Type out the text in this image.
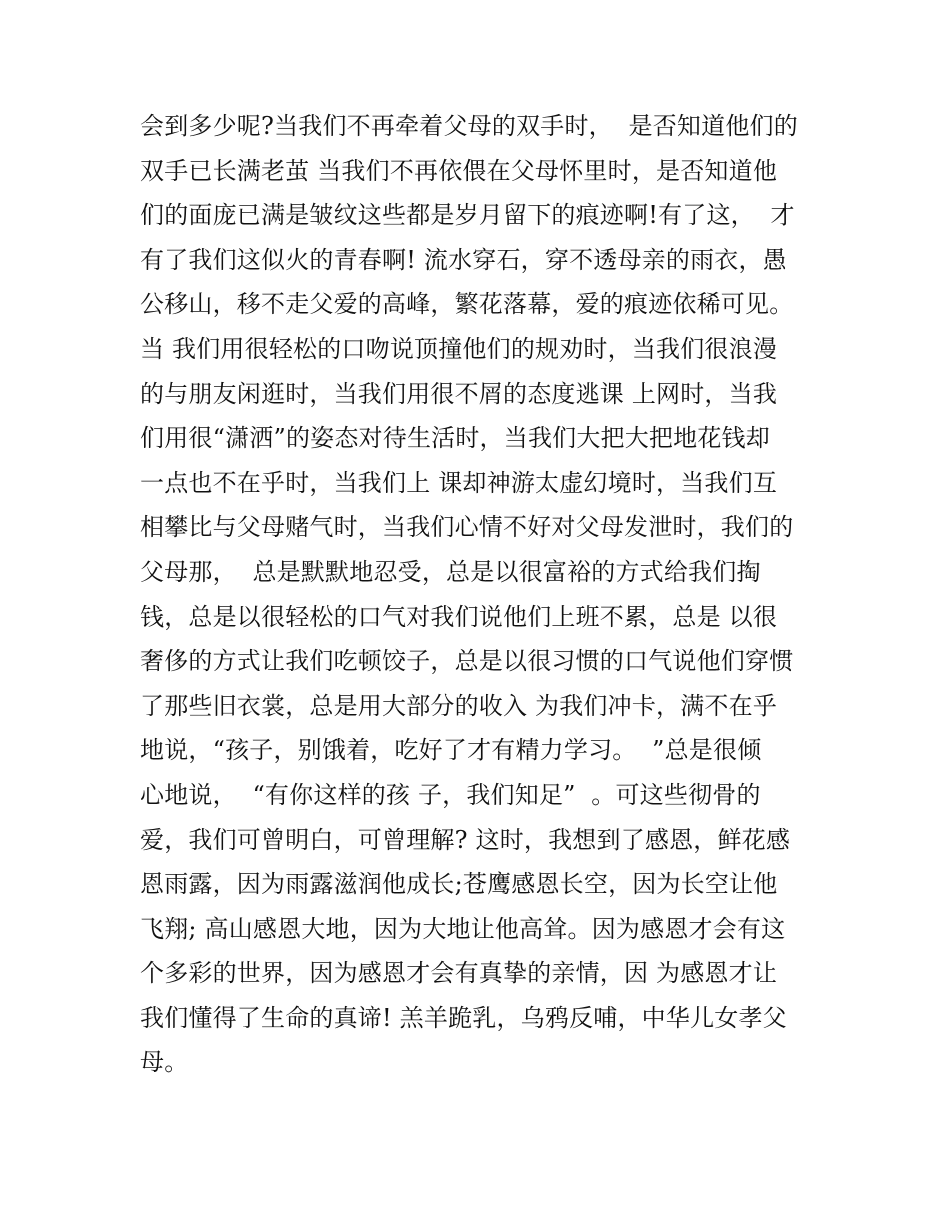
会到多少呢?当我们不再牵着父母的双手时，  是否知道他们的
双手已长满老茧 当我们不再依偎在父母怀里时，是否知道他
们的面庞已满是皱纹这些都是岁月留下的痕迹啊!有了这，  才
有了我们这似火的青春啊! 流水穿石，穿不透母亲的雨衣，愚
公移山，移不走父爱的高峰，繁花落幕，爱的痕迹依稀可见。
当 我们用很轻松的口吻说顶撞他们的规劝时，当我们很浪漫
的与朋友闲逛时，当我们用很不屑的态度逃课 上网时，当我
们用很“潇洒”的姿态对待生活时，当我们大把大把地花钱却
一点也不在乎时，当我们上 课却神游太虚幻境时，当我们互
相攀比与父母赌气时，当我们心情不好对父母发泄时，我们的
父母那，  总是默默地忍受，总是以很富裕的方式给我们掏
钱，总是以很轻松的口气对我们说他们上班不累，总是 以很
奢侈的方式让我们吃顿饺子，总是以很习惯的口气说他们穿惯
了那些旧衣裳，总是用大部分的收入 为我们冲卡，满不在乎
地说，“孩子，别饿着，吃好了才有精力学习。  ”总是很倾
心地说，  “有你这样的孩 子，我们知足”  。可这些彻骨的
爱，我们可曾明白，可曾理解? 这时，我想到了感恩，鲜花感
恩雨露，因为雨露滋润他成长;苍鹰感恩长空，因为长空让他
飞翔; 高山感恩大地，因为大地让他高耸。因为感恩才会有这
个多彩的世界，因为感恩才会有真挚的亲情，因 为感恩才让
我们懂得了生命的真谛! 羔羊跪乳，乌鸦反哺，中华儿女孝父
母。
